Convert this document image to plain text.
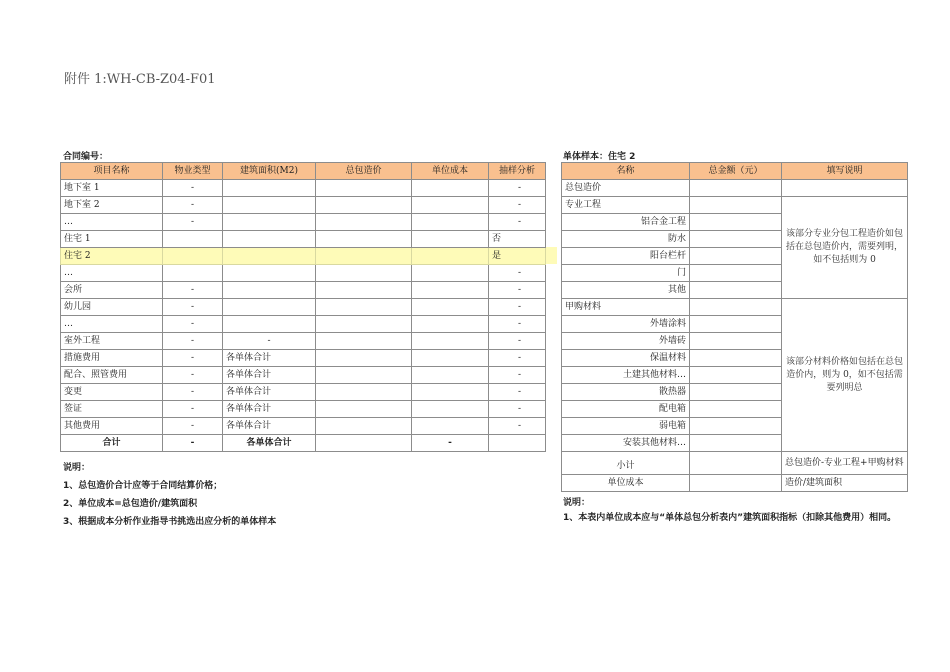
附件 1:WH-CB-Z04-F01
合同编号：
项目名称	物业类型	建筑面积(M2)	总包造价	单位成本	抽样分析
地下室 1	-				-
地下室 2	-				-
…	-				-
住宅 1					否
住宅 2					是
…					-
会所	-				-
幼儿园	-				-
…	-				-
室外工程	-	-			-
措施费用	-	各单体合计			-
配合、照管费用	-	各单体合计			-
变更	-	各单体合计			-
签证	-	各单体合计			-
其他费用	-	各单体合计			-
合计	-	各单体合计		-	
说明：
1、总包造价合计应等于合同结算价格；
2、单位成本=总包造价/建筑面积
3、根据成本分析作业指导书挑选出应分析的单体样本
单体样本：住宅 2
名称	总金额（元）	填写说明
总包造价		
专业工程		该部分专业分包工程造价如包括在总包造价内，需要列明，如不包括则为 0
铝合金工程		
防水		
阳台栏杆		
门		
其他		
甲购材料		该部分材料价格如包括在总包造价内，则为 0，如不包括需要列明总
外墙涂料		
外墙砖		
保温材料		
土建其他材料…		
散热器		
配电箱		
弱电箱		
安装其他材料…		
小计		总包造价-专业工程+甲购材料
单位成本		造价/建筑面积
说明：
1、本表内单位成本应与“单体总包分析表内”建筑面积指标（扣除其他费用）相同。
